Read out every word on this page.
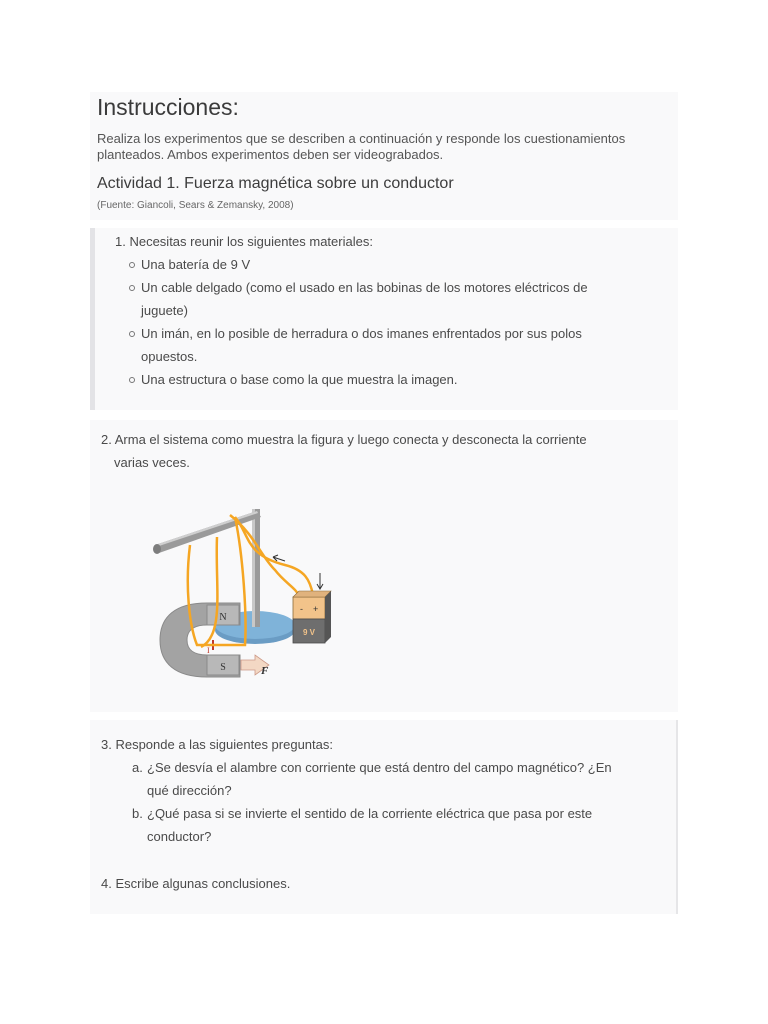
Instrucciones:

Realiza los experimentos que se describen a continuación y responde los cuestionamientos planteados. Ambos experimentos deben ser videograbados.

Actividad 1. Fuerza magnética sobre un conductor

(Fuente: Giancoli, Sears & Zemansky, 2008)

1. Necesitas reunir los siguientes materiales:

Una batería de 9 V
Un cable delgado (como el usado en las bobinas de los motores eléctricos de
juguete)
Un imán, en lo posible de herradura o dos imanes enfrentados por sus polos
opuestos.
Una estructura o base como la que muestra la imagen.

2. Arma el sistema como muestra la figura y luego conecta y desconecta la corriente
varias veces.

N
S	F
I
- +
9 V

3. Responde a las siguientes preguntas:

a. ¿Se desvía el alambre con corriente que está dentro del campo magnético? ¿En
qué dirección?
b. ¿Qué pasa si se invierte el sentido de la corriente eléctrica que pasa por este
conductor?

4. Escribe algunas conclusiones.
